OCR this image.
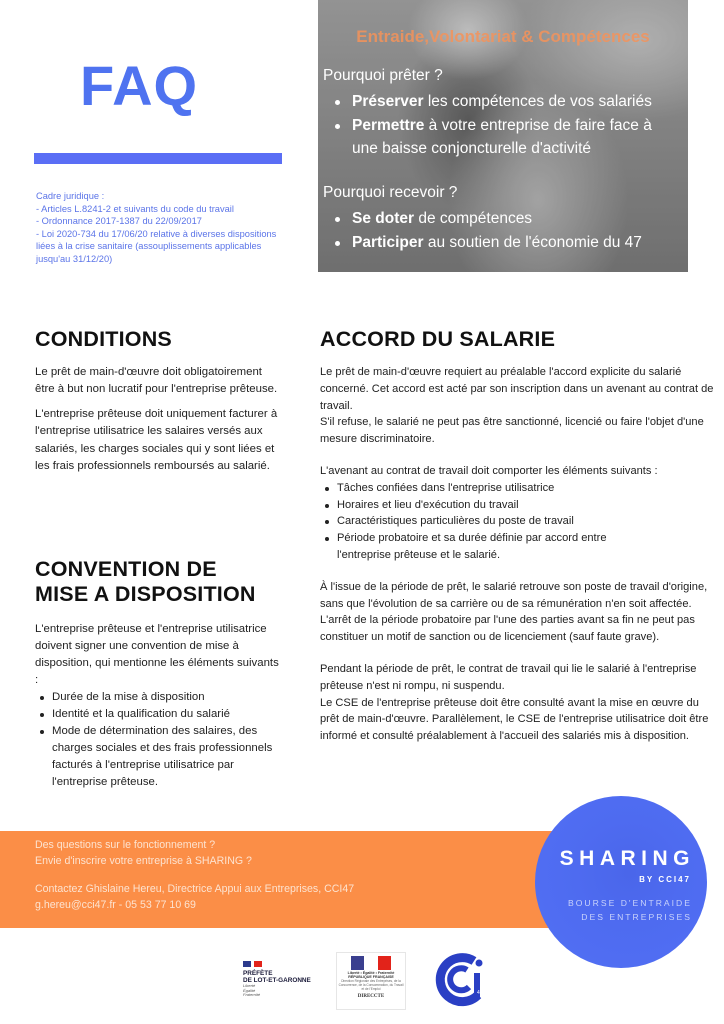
FAQ
Cadre juridique :
- Articles L.8241-2 et suivants du code du travail
- Ordonnance 2017-1387 du 22/09/2017
- Loi 2020-734 du 17/06/20 relative à diverses dispositions liées à la crise sanitaire (assouplissements applicables jusqu'au 31/12/20)
Entraide,Volontariat & Compétences
Pourquoi prêter ?
Préserver les compétences de vos salariés
Permettre à votre entreprise de faire face à
une baisse conjoncturelle d'activité
Pourquoi recevoir ?
Se doter de compétences
Participer au soutien de l'économie du 47
CONDITIONS

Le prêt de main-d'œuvre doit obligatoirement être à but non lucratif pour l'entreprise prêteuse.

L'entreprise prêteuse doit uniquement facturer à l'entreprise utilisatrice les salaires versés aux salariés, les charges sociales qui y sont liées et les frais professionnels remboursés au salarié.

CONVENTION DE
MISE A DISPOSITION

L'entreprise prêteuse et l'entreprise utilisatrice doivent signer une convention de mise à disposition, qui mentionne les éléments suivants :

Durée de la mise à disposition
Identité et la qualification du salarié
Mode de détermination des salaires, des charges sociales et des frais professionnels facturés à l'entreprise utilisatrice par l'entreprise prêteuse.
ACCORD DU SALARIE

Le prêt de main-d'œuvre requiert au préalable l'accord explicite du salarié concerné. Cet accord est acté par son inscription dans un avenant au contrat de travail.

S'il refuse, le salarié ne peut pas être sanctionné, licencié ou faire l'objet d'une mesure discriminatoire.

L'avenant au contrat de travail doit comporter les éléments suivants :

Tâches confiées dans l'entreprise utilisatrice
Horaires et lieu d'exécution du travail
Caractéristiques particulières du poste de travail
Période probatoire et sa durée définie par accord entre l'entreprise prêteuse et le salarié.

À l'issue de la période de prêt, le salarié retrouve son poste de travail d'origine, sans que l'évolution de sa carrière ou de sa rémunération n'en soit affectée. L'arrêt de la période probatoire par l'une des parties avant sa fin ne peut pas constituer un motif de sanction ou de licenciement (sauf faute grave).

Pendant la période de prêt, le contrat de travail qui lie le salarié à l'entreprise prêteuse n'est ni rompu, ni suspendu.

Le CSE de l'entreprise prêteuse doit être consulté avant la mise en œuvre du prêt de main-d'œuvre. Parallèlement, le CSE de l'entreprise utilisatrice doit être informé et consulté préalablement à l'accueil des salariés mis à disposition.

Des questions sur le fonctionnement ?
Envie d'inscrire votre entreprise à SHARING ?
Contactez Ghislaine Hereu, Directrice Appui aux Entreprises, CCI47
g.hereu@cci47.fr - 05 53 77 10 69
SHARING
BY CCI47
BOURSE D'ENTRAIDE
DES ENTREPRISES
PRÉFÈTE
DE LOT-ET-GARONNE
Liberté
Égalité
Fraternité
Liberté • Égalité • Fraternité
RÉPUBLIQUE FRANÇAISE
Direction Régionale des Entreprises, de la Concurrence, de la Consommation, du Travail et de l'Emploi
DIRECCTE
47
